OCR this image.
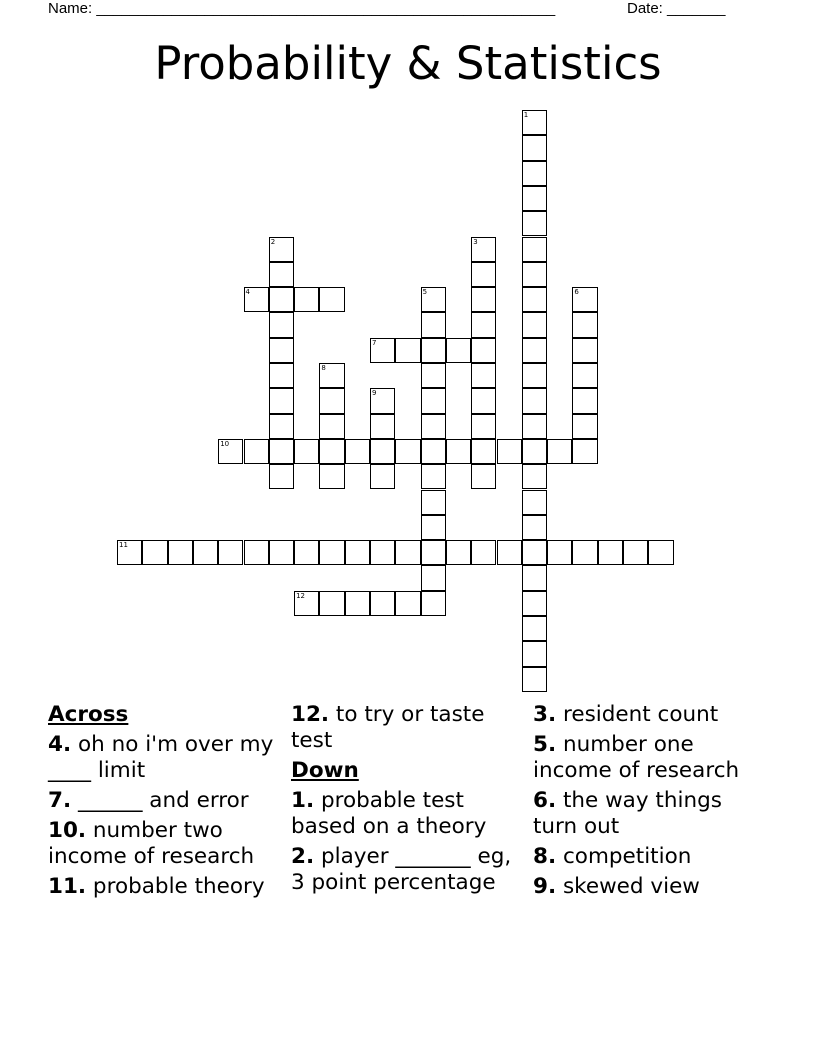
Name: _______________________________________________________	Date: _______
Probability & Statistics
1
2	3
4	5	6
7
8
9
10
11
12
Across
4. oh no i'm over my ____ limit
7. ______ and error
10. number two income of research
11. probable theory
12. to try or taste test
Down
1. probable test based on a theory
2. player _______ eg, 3 point percentage
3. resident count
5. number one income of research
6. the way things turn out
8. competition
9. skewed view
